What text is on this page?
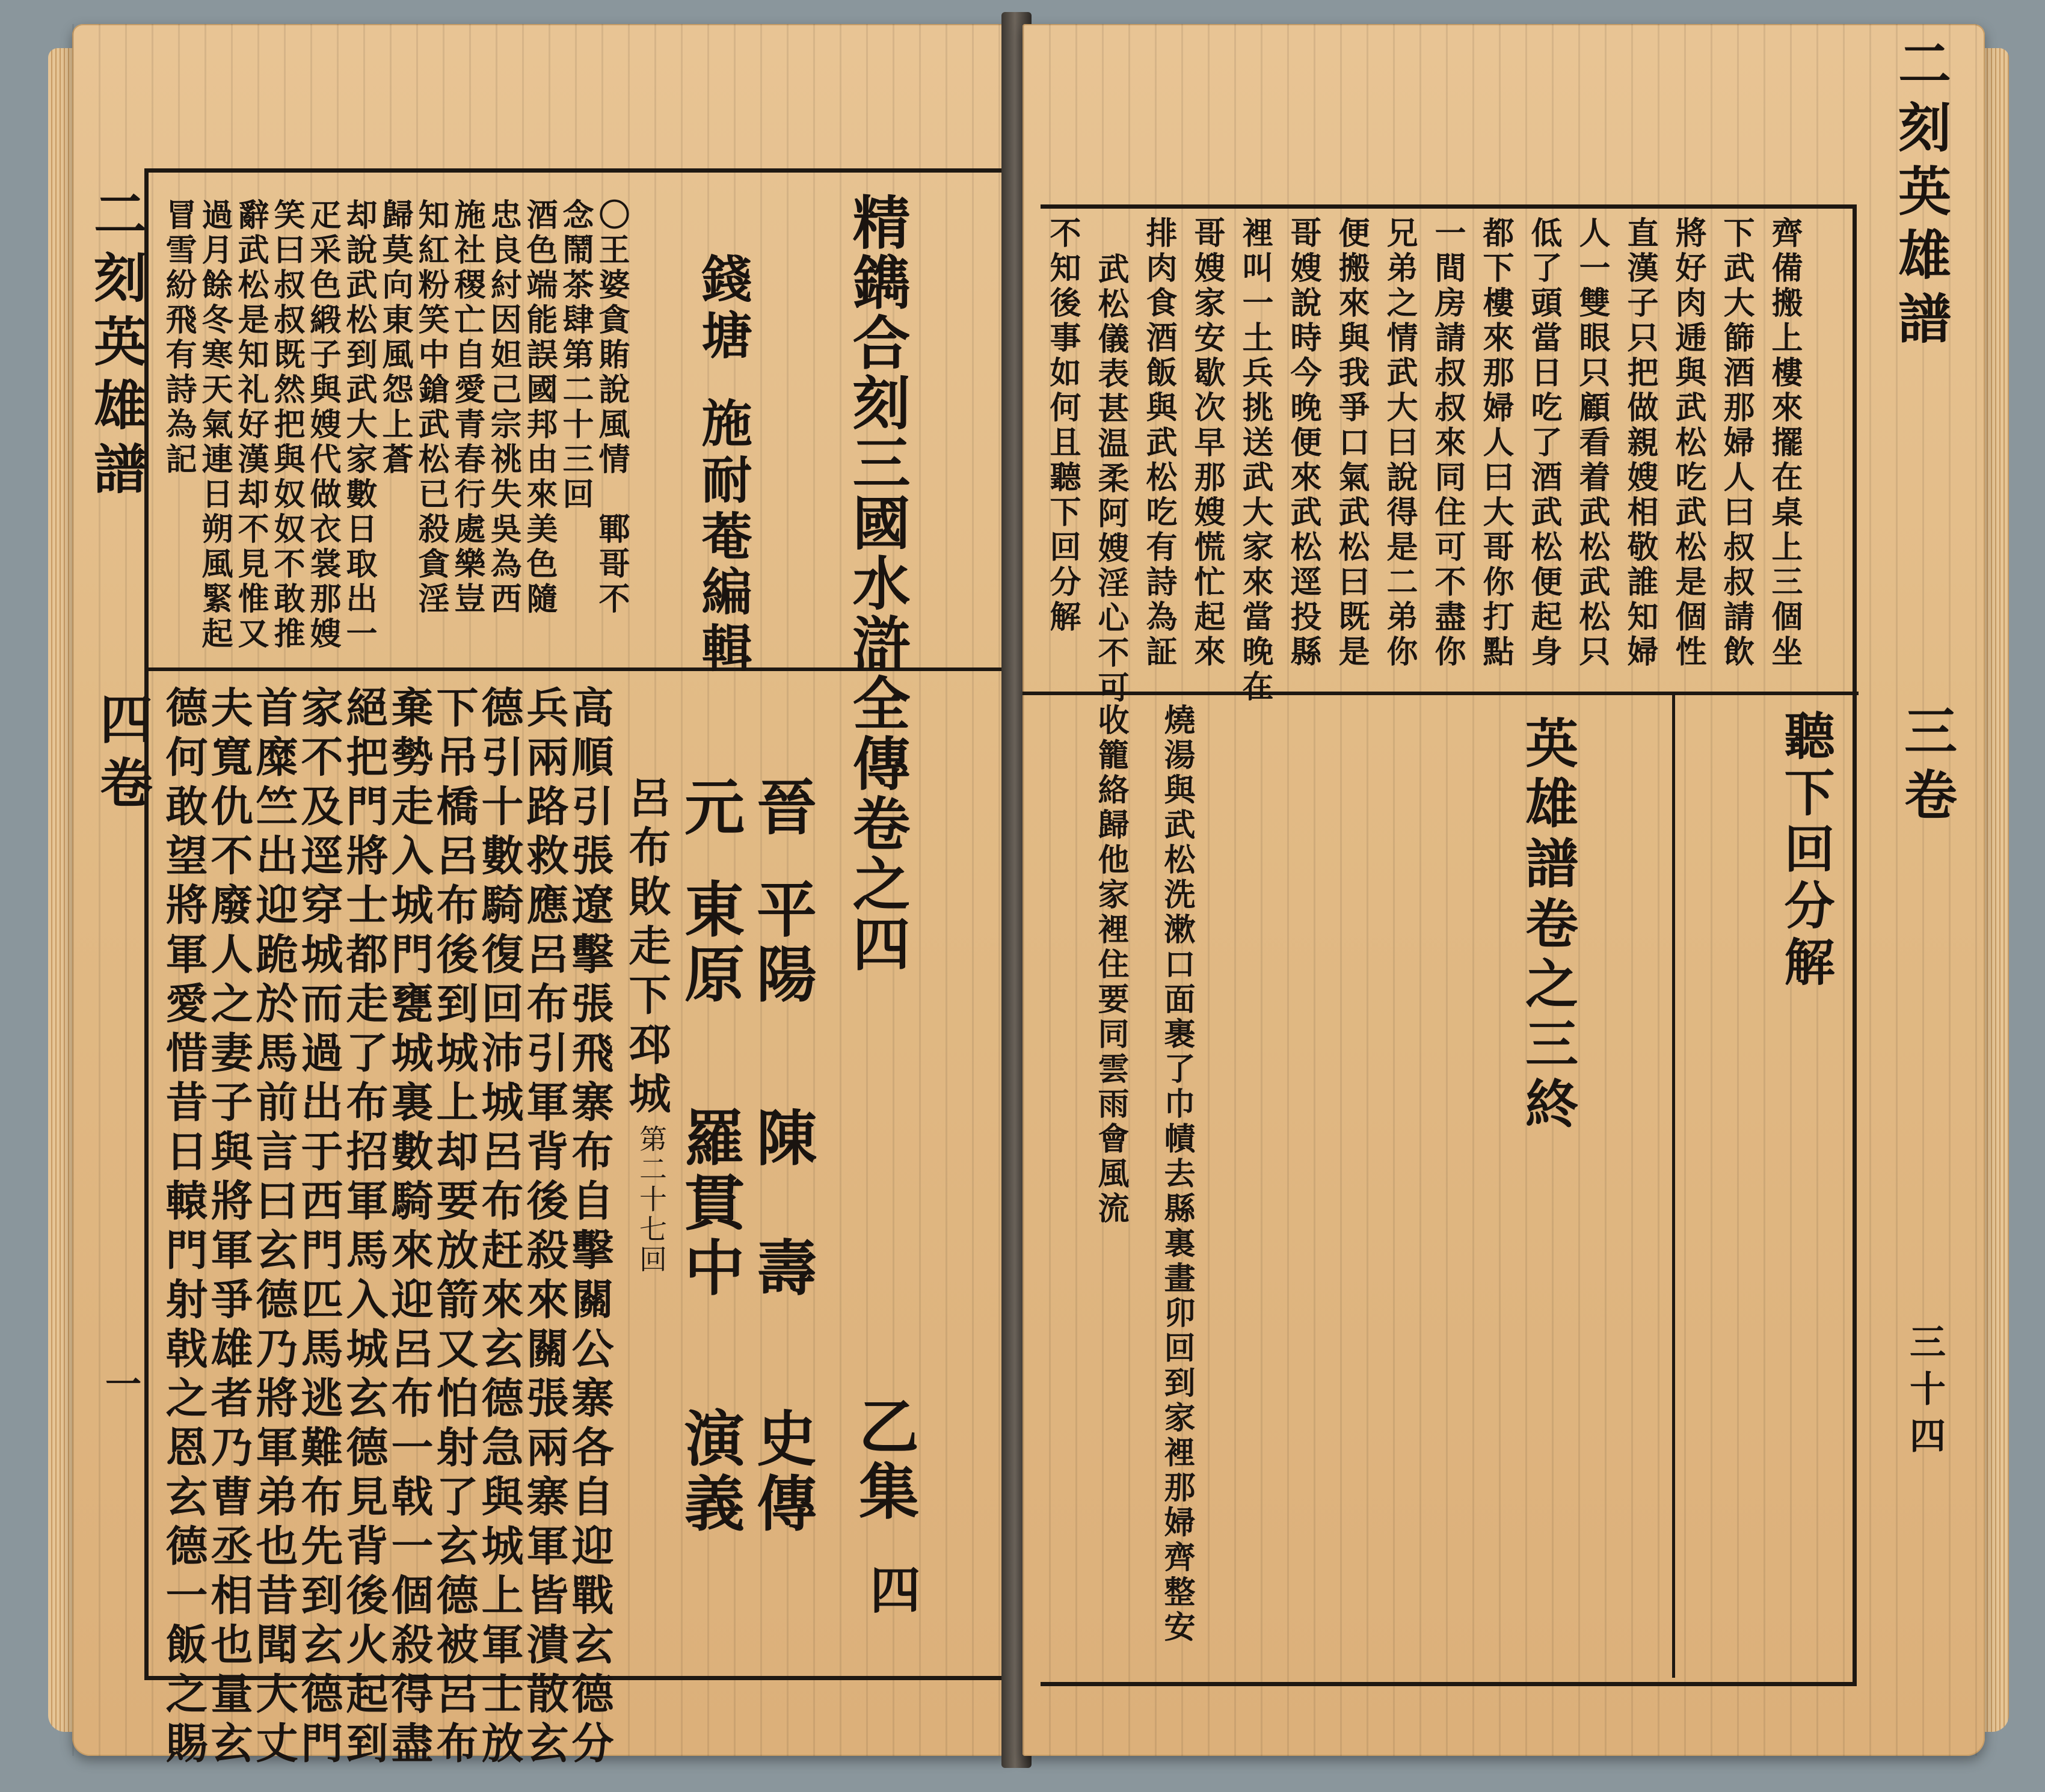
二刻英雄譜
四卷
一
冒雪紛飛有詩為記 過月餘冬寒天氣連日朔風緊起 辭武松是知礼好漢却不見惟又 笑曰叔叔既然把與奴奴不敢推 疋采色緞子與嫂代做衣裳那嫂 却說武松到武大家數日取出一 歸莫向東風怨上蒼 知紅粉笑中鎗武松已殺貪淫 施社稷亡自愛青春行處樂豈 忠良紂因妲己宗祧失吳為西 酒色端能誤國邦由來美色隨 念鬧茶肆第二十三回 〇王婆貪賄說風情　鄆哥不 錢塘
施耐菴
編輯
德何敢望將軍愛惜昔日轅門射戟之恩玄德一飯之賜
夫寬仇不廢人之妻子與將軍爭雄者乃曹丞相也量玄
首糜竺出迎跪於馬前言曰玄德乃將軍弟也昔聞大丈
家不及逕穿城而過出于西門匹馬逃難布先到玄德門
絕把門將士都走了布招軍馬入城玄德見背後火起到
棄勢走入城門甕城裏數騎來迎呂布一戟一個殺得盡
下吊橋呂布後到城上却要放箭又怕射了玄德被呂布
德引十數騎復回沛城呂布赶來玄德急與城上軍士放
兵兩路救應呂布引軍背後殺來關張兩寨軍皆潰散玄
高順引張遼擊張飛寨布自擊關公寨各自迎戰玄德分 呂布敗走下邳城
第二十七回
元
東原
羅貫中
演義
晉
平陽
陳　壽
史傳
精鐫合刻三國水滸全傳卷之四
乙集
四
不知後事如何且聽下回分解 武松儀表甚温柔阿嫂淫心不可 排肉食酒飯與武松吃有詩為証 哥嫂家安歇次早那嫂慌忙起來 裡叫一土兵挑送武大家來當晚在 哥嫂說時今晚便來武松逕投縣 便搬來與我爭口氣武松曰既是 兄弟之情武大曰說得是二弟你 一間房請叔叔來同住可不盡你 都下樓來那婦人曰大哥你打點 低了頭當日吃了酒武松便起身 人一雙眼只顧看着武松武松只 直漢子只把做親嫂相敬誰知婦 將好肉逓與武松吃武松是個性 下武大篩酒那婦人曰叔叔請飲 齊備搬上樓來擺在桌上三個坐
收籠絡歸他家裡住要同雲雨會風流 燒湯與武松洗漱口面裹了巾幘去縣裏畫卯回到家裡那婦齊整安	英雄譜卷之三終	聽下回分解
二刻英雄譜
三卷
三十四
